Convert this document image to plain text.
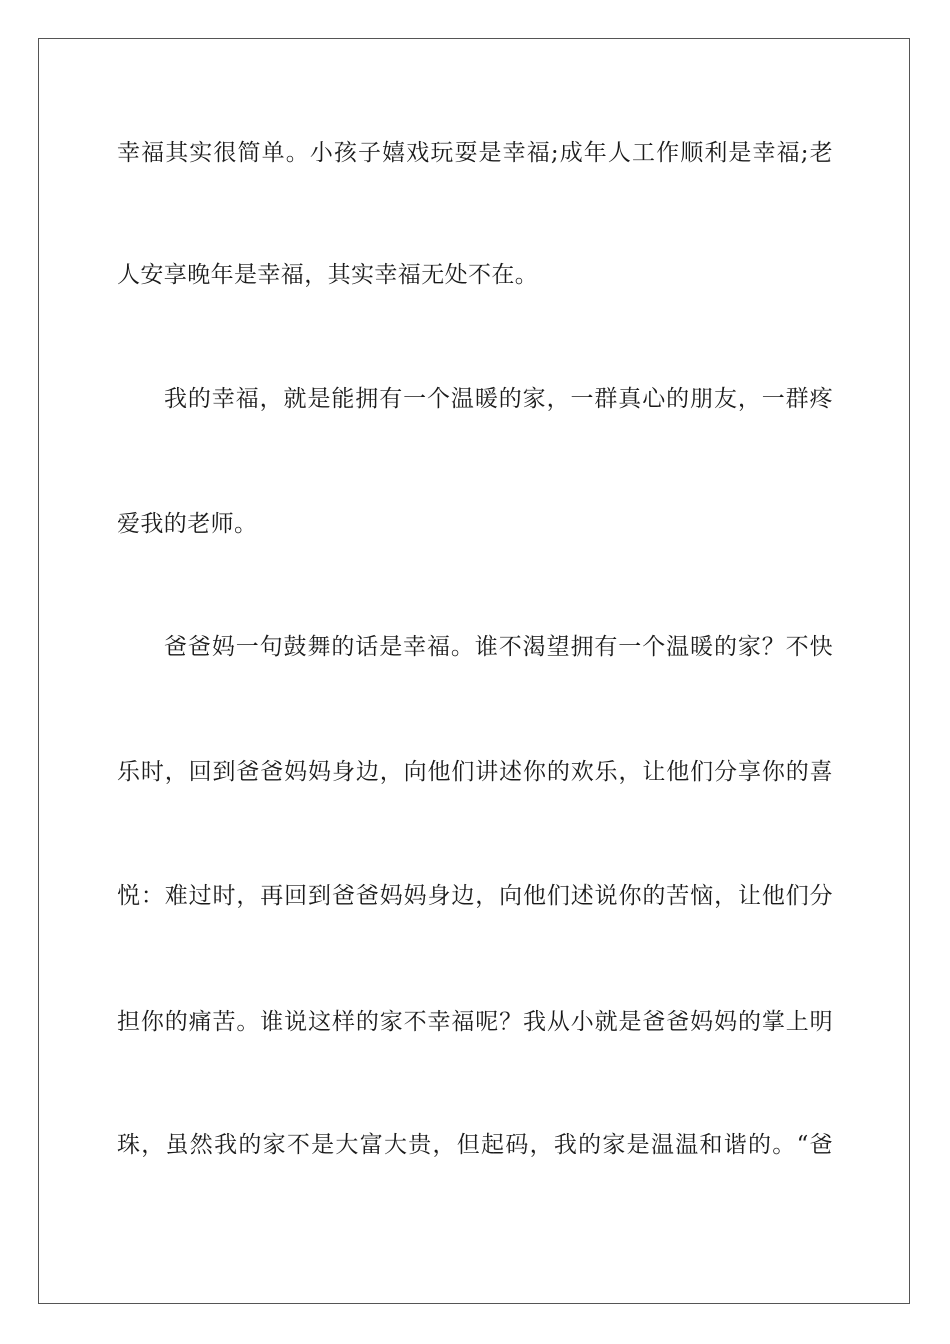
幸福其实很简单。小孩子嬉戏玩耍是幸福;成年人工作顺利是幸福;老
人安享晚年是幸福，其实幸福无处不在。
我的幸福，就是能拥有一个温暖的家，一群真心的朋友，一群疼
爱我的老师。
爸爸妈一句鼓舞的话是幸福。谁不渴望拥有一个温暖的家？不快
乐时，回到爸爸妈妈身边，向他们讲述你的欢乐，让他们分享你的喜
悦：难过时，再回到爸爸妈妈身边，向他们述说你的苦恼，让他们分
担你的痛苦。谁说这样的家不幸福呢？我从小就是爸爸妈妈的掌上明
珠，虽然我的家不是大富大贵，但起码，我的家是温温和谐的。“爸
